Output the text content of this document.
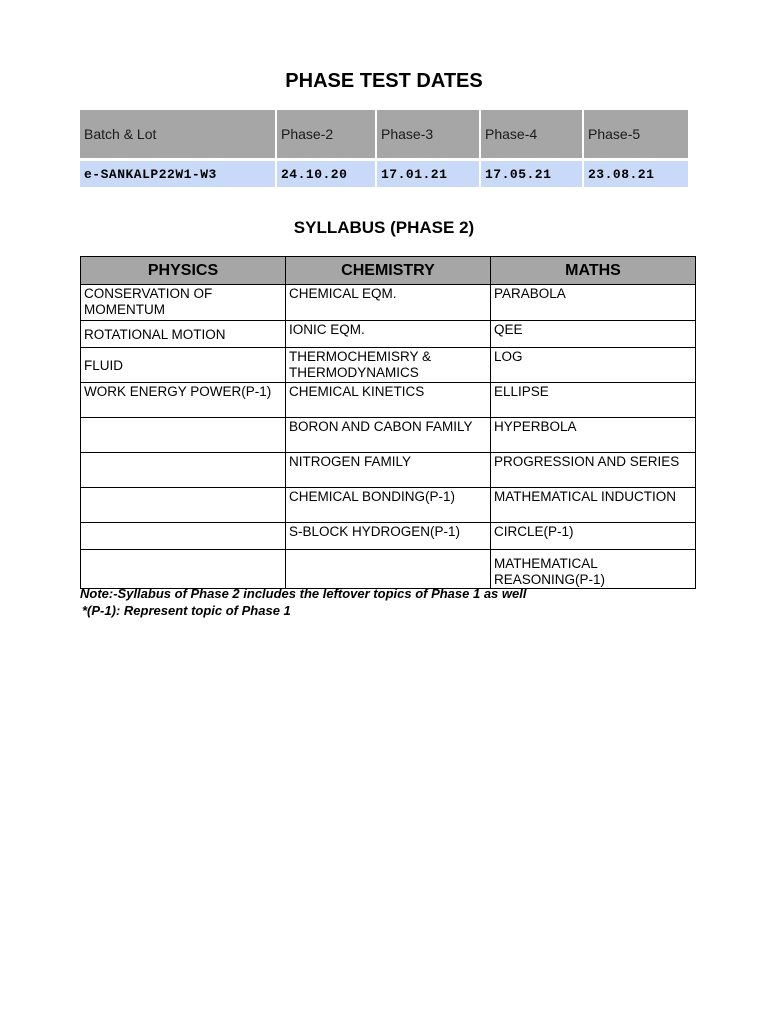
PHASE TEST DATES
Batch & Lot	Phase-2	Phase-3	Phase-4	Phase-5
e-SANKALP22W1-W3	24.10.20	17.01.21	17.05.21	23.08.21
SYLLABUS (PHASE 2)
PHYSICS	CHEMISTRY	MATHS
CONSERVATION OF MOMENTUM	CHEMICAL EQM.	PARABOLA
ROTATIONAL MOTION	IONIC EQM.	QEE
FLUID	THERMOCHEMISRY & THERMODYNAMICS	LOG
WORK ENERGY POWER(P-1)	CHEMICAL KINETICS	ELLIPSE
	BORON AND CABON FAMILY	HYPERBOLA
	NITROGEN FAMILY	PROGRESSION AND SERIES
	CHEMICAL BONDING(P-1)	MATHEMATICAL INDUCTION
	S-BLOCK HYDROGEN(P-1)	CIRCLE(P-1)
		MATHEMATICAL REASONING(P-1)

Note:-Syllabus of Phase 2 includes the leftover topics of Phase 1 as well

*(P-1): Represent topic of Phase 1
